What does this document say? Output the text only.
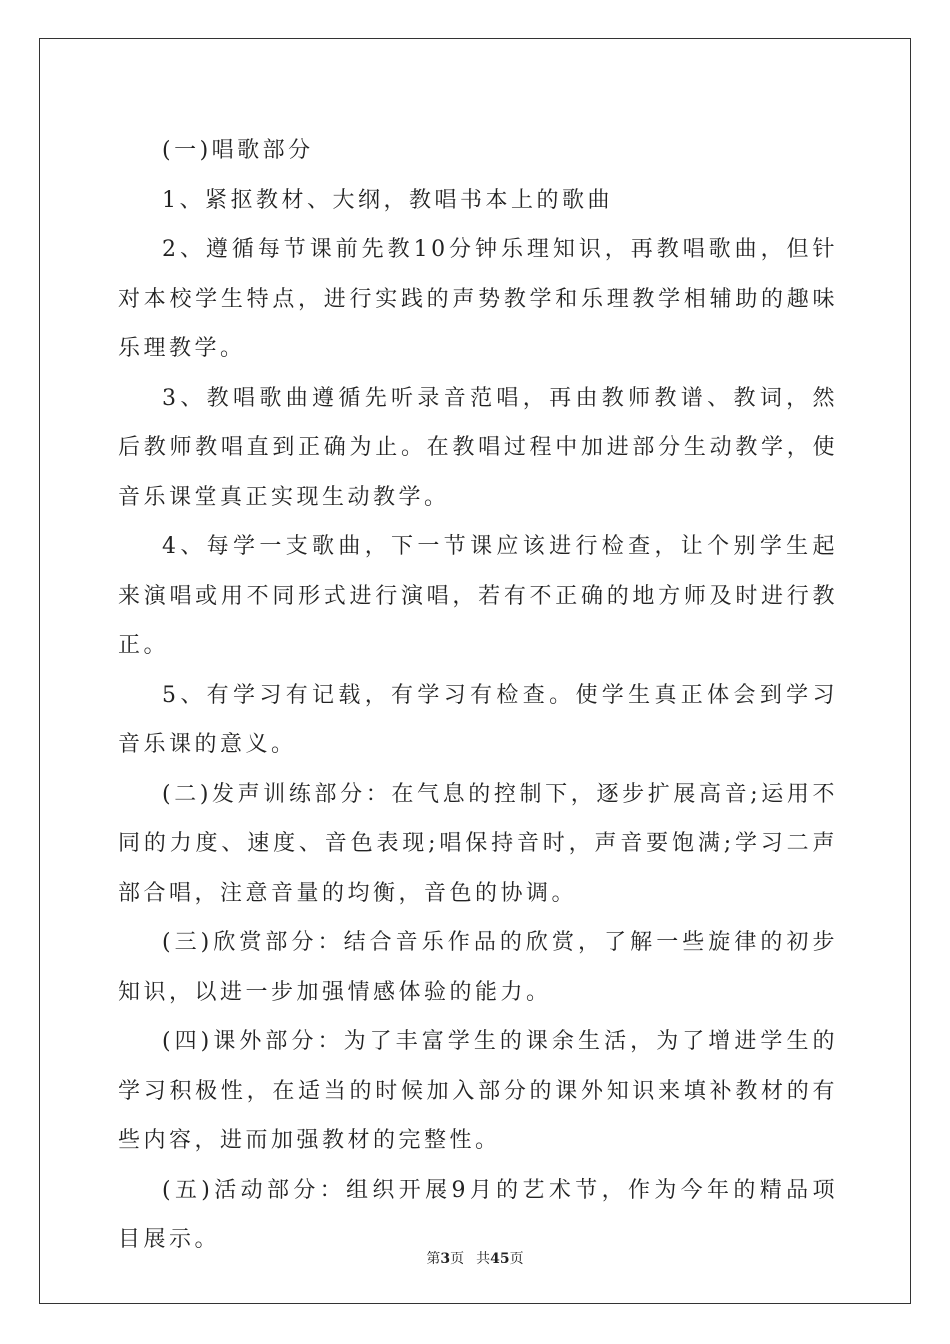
(一)唱歌部分

1、紧抠教材、大纲，教唱书本上的歌曲

2、遵循每节课前先教10分钟乐理知识，再教唱歌曲，但针对本校学生特点，进行实践的声势教学和乐理教学相辅助的趣味乐理教学。

3、教唱歌曲遵循先听录音范唱，再由教师教谱、教词，然后教师教唱直到正确为止。在教唱过程中加进部分生动教学，使音乐课堂真正实现生动教学。

4、每学一支歌曲，下一节课应该进行检查，让个别学生起来演唱或用不同形式进行演唱，若有不正确的地方师及时进行教正。

5、有学习有记载，有学习有检查。使学生真正体会到学习音乐课的意义。

(二)发声训练部分：在气息的控制下，逐步扩展高音;运用不同的力度、速度、音色表现;唱保持音时，声音要饱满;学习二声部合唱，注意音量的均衡，音色的协调。

(三)欣赏部分：结合音乐作品的欣赏，了解一些旋律的初步知识，以进一步加强情感体验的能力。

(四)课外部分：为了丰富学生的课余生活，为了增进学生的学习积极性，在适当的时候加入部分的课外知识来填补教材的有些内容，进而加强教材的完整性。

(五)活动部分：组织开展9月的艺术节，作为今年的精品项目展示。

第3页 共45页
